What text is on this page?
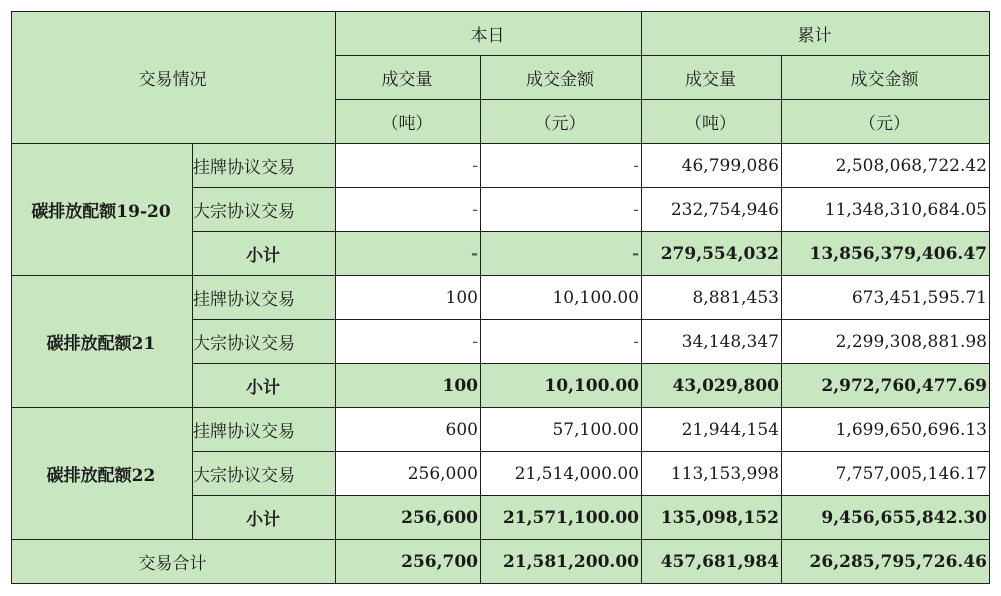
交易情况		本日		累计	
		成交量	成交金额	成交量	成交金额
		（吨）	（元）	（吨）	（元）
碳排放配额19-20	挂牌协议交易	-	-	46,799,086	2,508,068,722.42
	大宗协议交易	-	-	232,754,946	11,348,310,684.05
	小计	-	-	279,554,032	13,856,379,406.47
碳排放配额21	挂牌协议交易	100	10,100.00	8,881,453	673,451,595.71
	大宗协议交易	-	-	34,148,347	2,299,308,881.98
	小计	100	10,100.00	43,029,800	2,972,760,477.69
碳排放配额22	挂牌协议交易	600	57,100.00	21,944,154	1,699,650,696.13
	大宗协议交易	256,000	21,514,000.00	113,153,998	7,757,005,146.17
	小计	256,600	21,571,100.00	135,098,152	9,456,655,842.30
交易合计		256,700	21,581,200.00	457,681,984	26,285,795,726.46
